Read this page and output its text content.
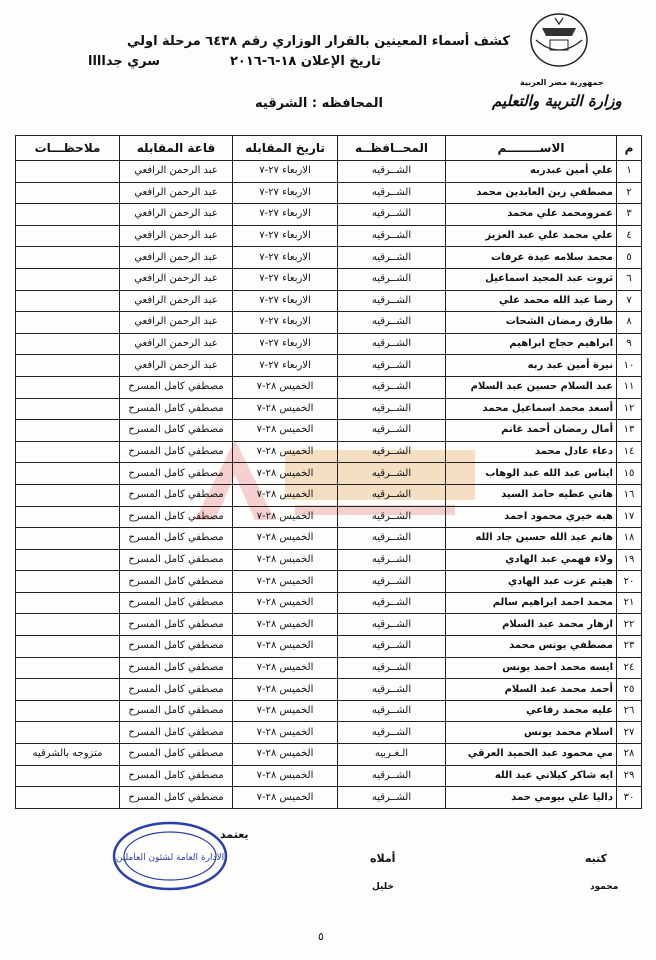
جمهورية مصر العربية
وزارة التربية والتعليم
كشف أسماء المعينين بالقرار الوزاري رقم ٦٤٣٨ مرحلة اولي
تاريخ الإعلان ١٨-٦-٢٠١٦
سري جداااا
المحافظه : الشرقيه
م	الاســــــــم	المحــافظــه	تاريخ المقابله	قاعة المقابله	ملاحظـــات
١	علي أمين عبدربه	الشــرقيه	الاربعاء ٢٧-٧	عبد الرحمن الرافعي	
٢	مصطفي زين العابدين محمد	الشــرقيه	الاربعاء ٢٧-٧	عبد الرحمن الرافعي	
٣	عمرومحمد علي محمد	الشــرقيه	الاربعاء ٢٧-٧	عبد الرحمن الرافعي	
٤	علي محمد علي عبد العزيز	الشــرقيه	الاربعاء ٢٧-٧	عبد الرحمن الرافعي	
٥	محمد سلامه عيدة عرفات	الشــرقيه	الاربعاء ٢٧-٧	عبد الرحمن الرافعي	
٦	ثروت عبد المجيد اسماعيل	الشــرقيه	الاربعاء ٢٧-٧	عبد الرحمن الرافعي	
٧	رضا عبد الله محمد علي	الشــرقيه	الاربعاء ٢٧-٧	عبد الرحمن الرافعي	
٨	طارق رمضان الشحات	الشــرقيه	الاربعاء ٢٧-٧	عبد الرحمن الرافعي	
٩	ابراهيم حجاج ابراهيم	الشــرقيه	الاربعاء ٢٧-٧	عبد الرحمن الرافعي	
١٠	نيرة أمين عبد ربه	الشــرقيه	الاربعاء ٢٧-٧	عبد الرحمن الرافعي	
١١	عبد السلام حسين عبد السلام	الشــرقيه	الخميس ٢٨-٧	مصطفي كامل المسرح	
١٢	أسعد محمد اسماعيل محمد	الشــرقيه	الخميس ٢٨-٧	مصطفي كامل المسرح	
١٣	أمال رمضان أحمد غانم	الشــرقيه	الخميس ٢٨-٧	مصطفي كامل المسرح	
١٤	دعاء عادل محمد	الشــرقيه	الخميس ٢٨-٧	مصطفي كامل المسرح	
١٥	ايناس عبد الله عبد الوهاب	الشــرقيه	الخميس ٢٨-٧	مصطفي كامل المسرح	
١٦	هاني عطيه حامد السيد	الشــرقيه	الخميس ٢٨-٧	مصطفي كامل المسرح	
١٧	هبه خيري محمود احمد	الشــرقيه	الخميس ٢٨-٧	مصطفي كامل المسرح	
١٨	هانم عبد الله حسين جاد الله	الشــرقيه	الخميس ٢٨-٧	مصطفي كامل المسرح	
١٩	ولاء فهمي عبد الهادي	الشــرقيه	الخميس ٢٨-٧	مصطفي كامل المسرح	
٢٠	هيثم عزت عبد الهادي	الشــرقيه	الخميس ٢٨-٧	مصطفي كامل المسرح	
٢١	محمد احمد ابراهيم سالم	الشــرقيه	الخميس ٢٨-٧	مصطفي كامل المسرح	
٢٢	ازهار محمد عبد السلام	الشــرقيه	الخميس ٢٨-٧	مصطفي كامل المسرح	
٢٣	مصطفي يونس محمد	الشــرقيه	الخميس ٢٨-٧	مصطفي كامل المسرح	
٢٤	ايسه محمد احمد يونس	الشــرقيه	الخميس ٢٨-٧	مصطفي كامل المسرح	
٢٥	أحمد محمد عبد السلام	الشــرقيه	الخميس ٢٨-٧	مصطفي كامل المسرح	
٢٦	عليه محمد رفاعي	الشــرقيه	الخميس ٢٨-٧	مصطفي كامل المسرح	
٢٧	اسلام محمد يونس	الشــرقيه	الخميس ٢٨-٧	مصطفي كامل المسرح	
٢٨	مي محمود عبد الحميد العرقي	الـغـربيه	الخميس ٢٨-٧	مصطفي كامل المسرح	متزوجه بالشرقيه
٢٩	ايه شاكر كيلاني عبد الله	الشــرقيه	الخميس ٢٨-٧	مصطفي كامل المسرح	
٣٠	داليا علي بيومي حمد	الشــرقيه	الخميس ٢٨-٧	مصطفي كامل المسرح	
كتبه
محمود
أملاه
خليل
يعتمد
الادارة العامة لشئون العاملين
٥
